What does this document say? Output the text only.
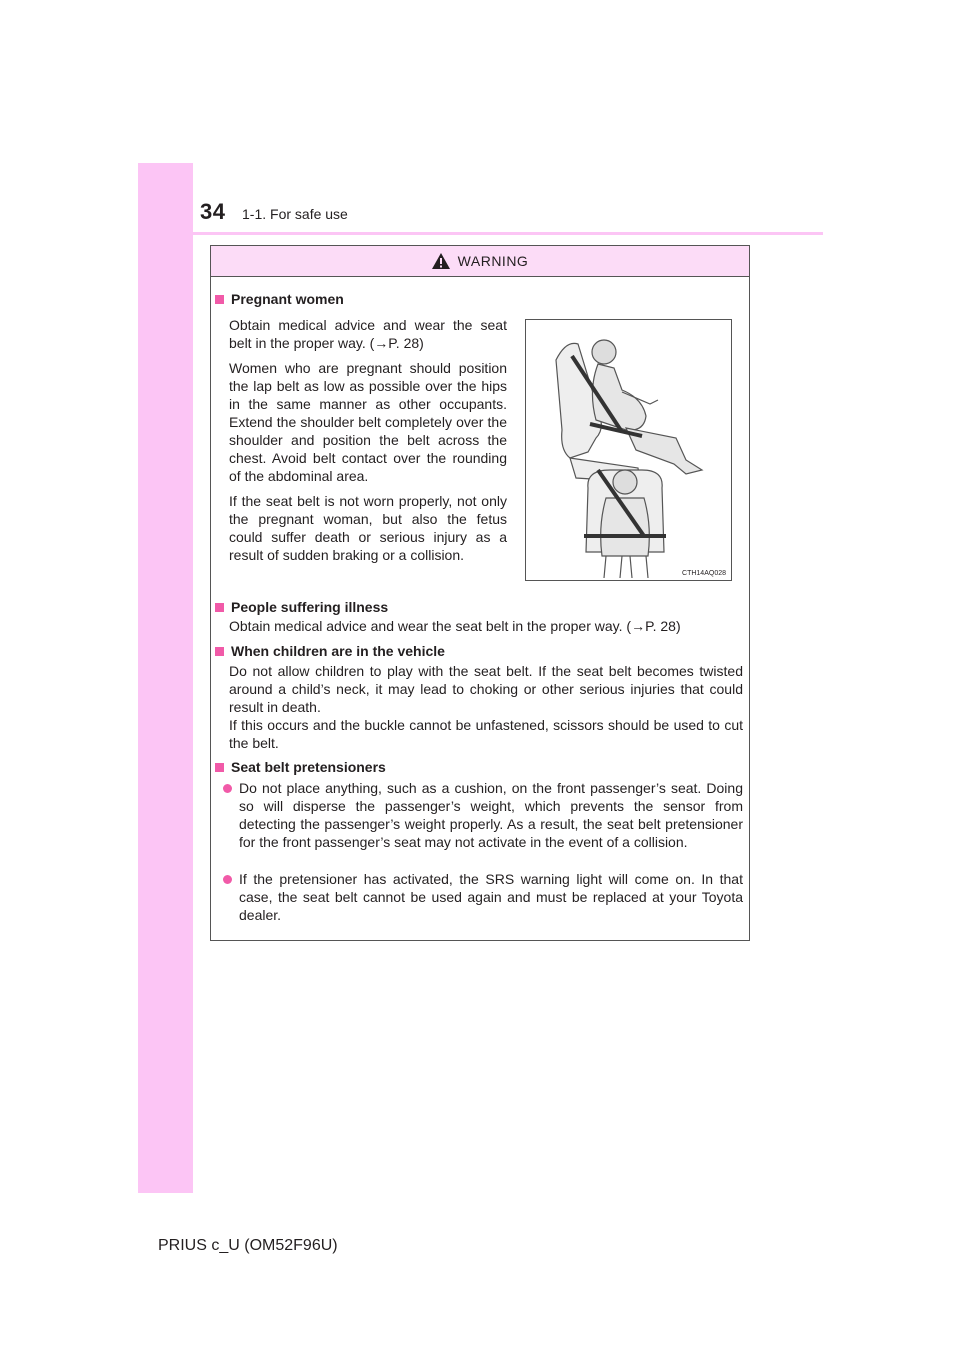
34 1-1. For safe use
WARNING
Pregnant women

Obtain medical advice and wear the seat belt in the proper way. (→P. 28)

Women who are pregnant should position the lap belt as low as possible over the hips in the same manner as other occupants. Extend the shoulder belt completely over the shoulder and position the belt across the chest. Avoid belt contact over the rounding of the abdominal area.

If the seat belt is not worn properly, not only the pregnant woman, but also the fetus could suffer death or serious injury as a result of sudden braking or a collision.

CTH14AQ028
People suffering illness

Obtain medical advice and wear the seat belt in the proper way. (→P. 28)

When children are in the vehicle

Do not allow children to play with the seat belt. If the seat belt becomes twisted around a child’s neck, it may lead to choking or other serious injuries that could result in death.

If this occurs and the buckle cannot be unfastened, scissors should be used to cut the belt.

Seat belt pretensioners

Do not place anything, such as a cushion, on the front passenger’s seat. Doing so will disperse the passenger’s weight, which prevents the sensor from detecting the passenger’s weight properly. As a result, the seat belt pretensioner for the front passenger’s seat may not activate in the event of a collision.

If the pretensioner has activated, the SRS warning light will come on. In that case, the seat belt cannot be used again and must be replaced at your Toyota dealer.

PRIUS c_U (OM52F96U)
